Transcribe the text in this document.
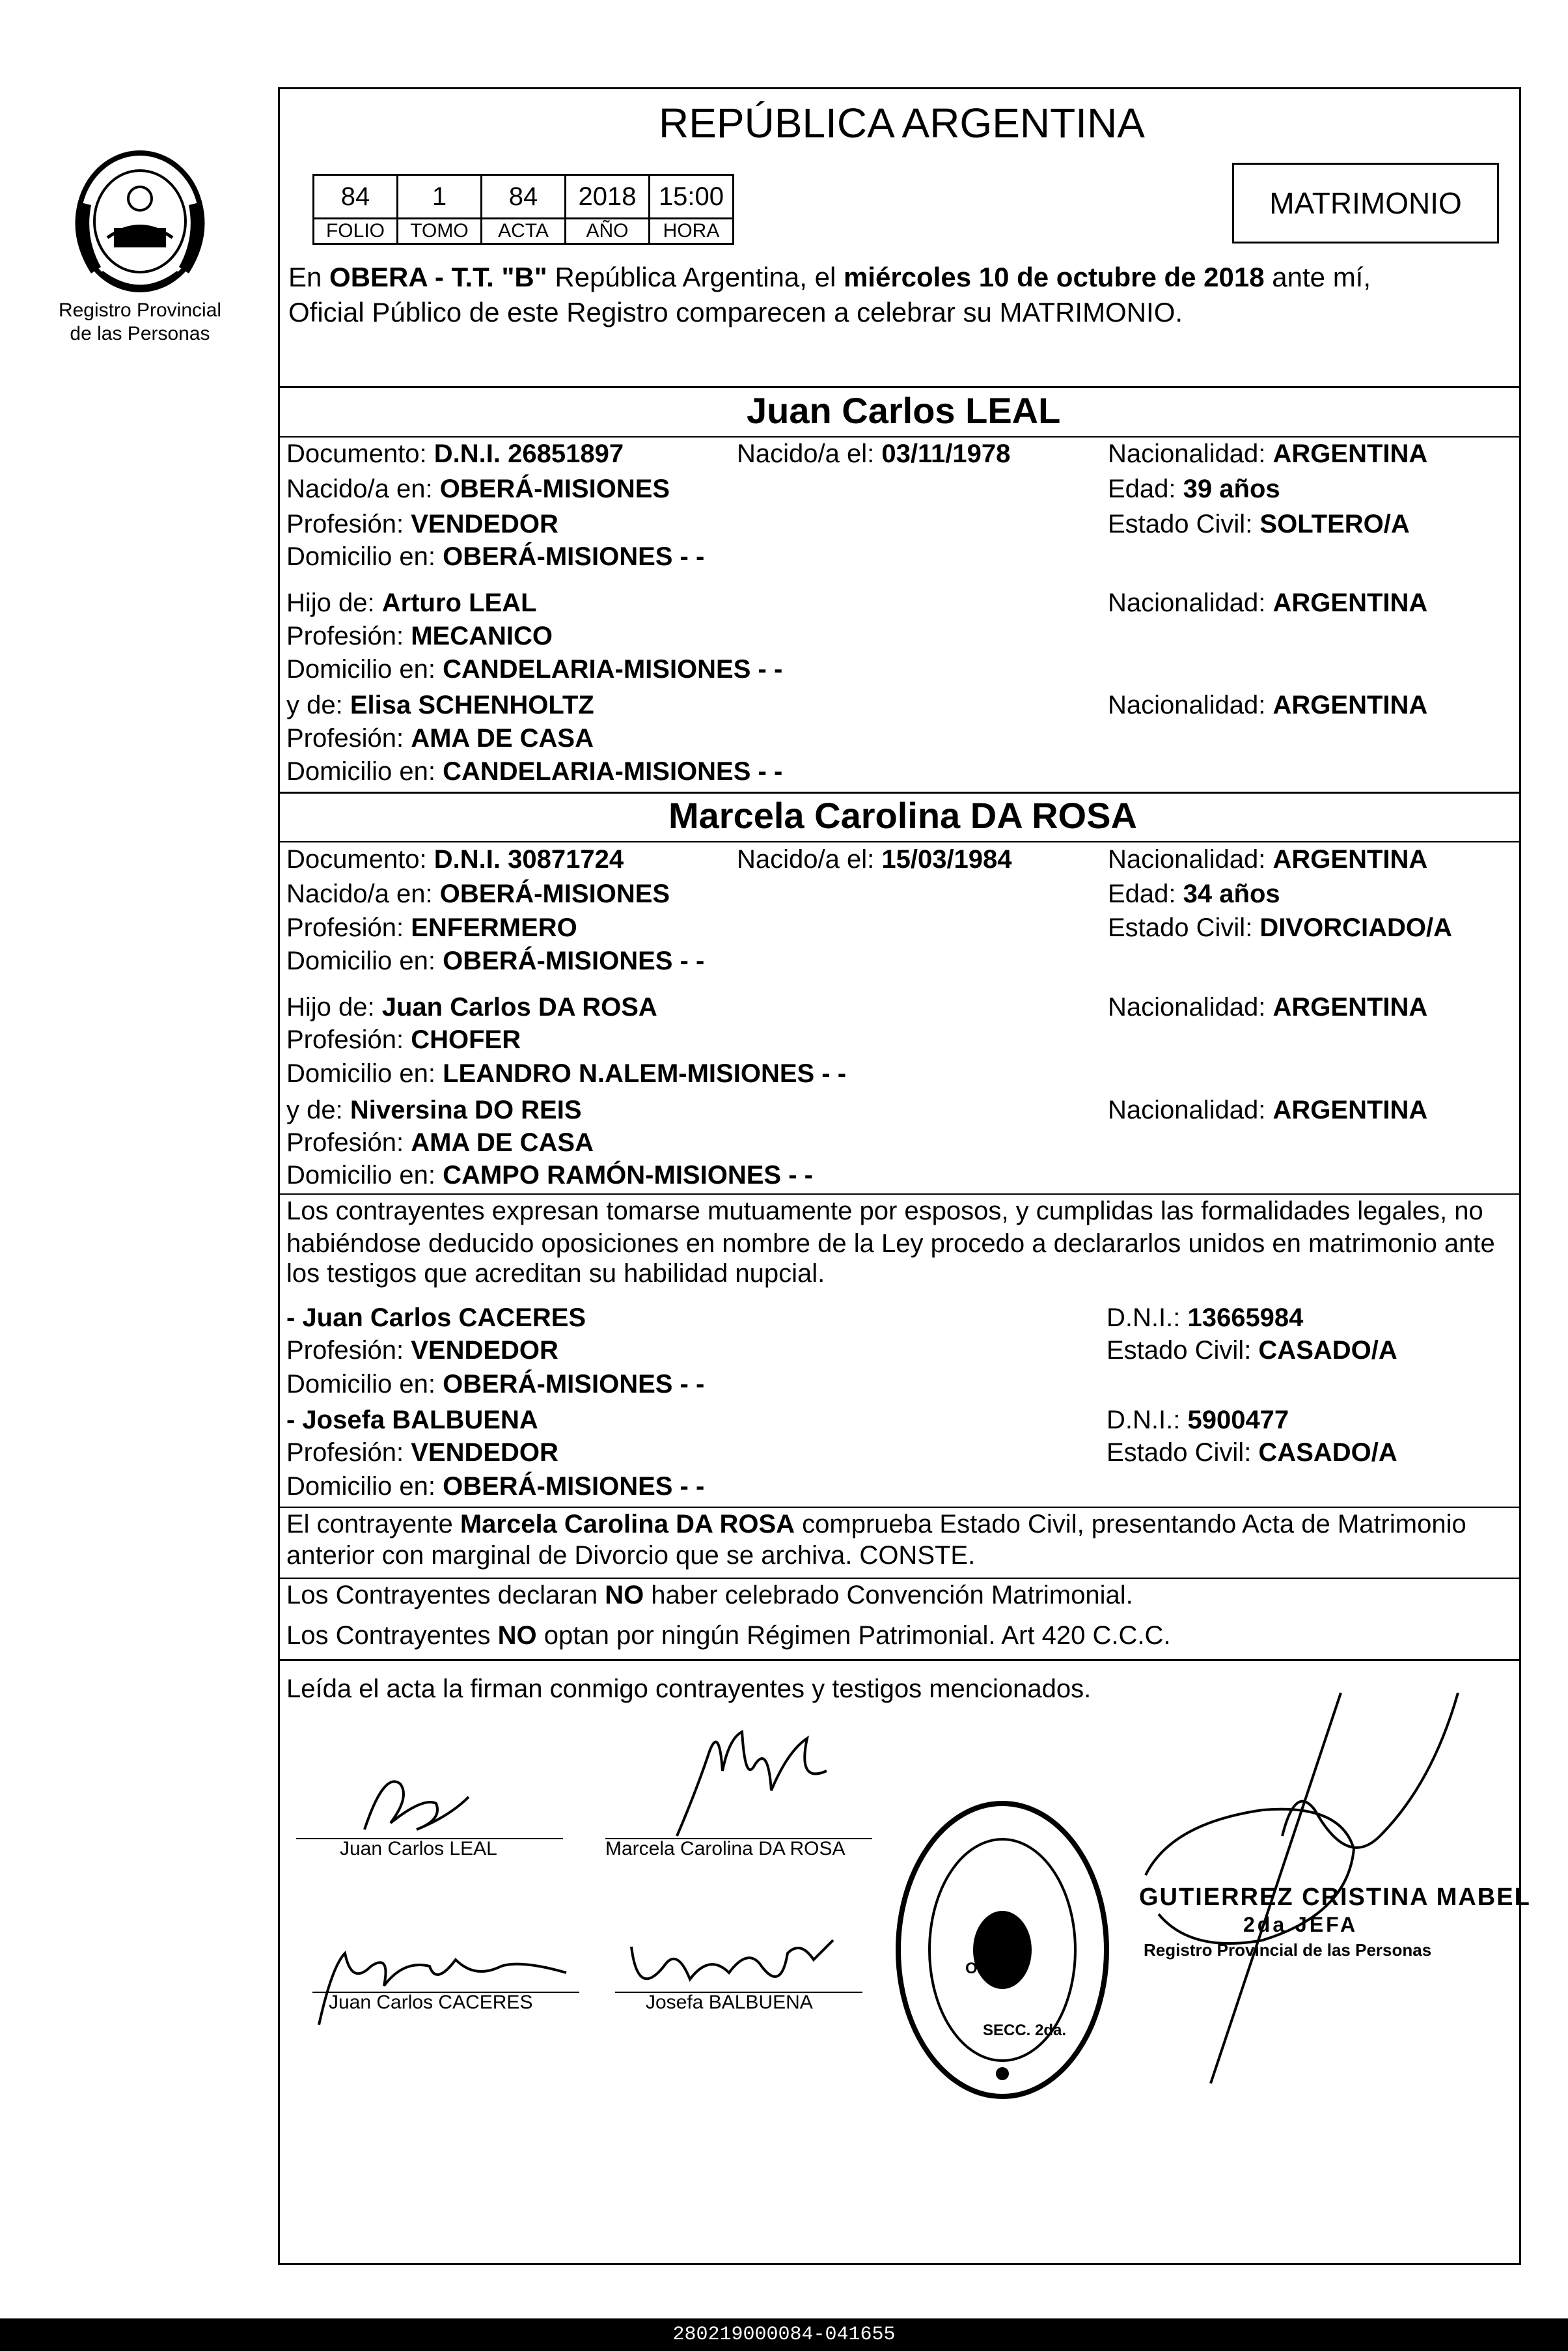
Registro Provincial
de las Personas
REPÚBLICA ARGENTINA
84	1	84	2018	15:00
FOLIO	TOMO	ACTA	AÑO	HORA
MATRIMONIO
En OBERA - T.T. "B" República Argentina, el miércoles 10 de octubre de 2018 ante mí,
Oficial Público de este Registro comparecen a celebrar su MATRIMONIO.
Juan Carlos LEAL
Documento: D.N.I. 26851897	Nacido/a el: 03/11/1978	Nacionalidad: ARGENTINA
Nacido/a en: OBERÁ-MISIONES	Edad: 39 años
Profesión: VENDEDOR	Estado Civil: SOLTERO/A
Domicilio en: OBERÁ-MISIONES - -
Hijo de: Arturo LEAL	Nacionalidad: ARGENTINA
Profesión: MECANICO
Domicilio en: CANDELARIA-MISIONES - -
y de: Elisa SCHENHOLTZ	Nacionalidad: ARGENTINA
Profesión: AMA DE CASA
Domicilio en: CANDELARIA-MISIONES - -
Marcela Carolina DA ROSA
Documento: D.N.I. 30871724	Nacido/a el: 15/03/1984	Nacionalidad: ARGENTINA
Nacido/a en: OBERÁ-MISIONES	Edad: 34 años
Profesión: ENFERMERO	Estado Civil: DIVORCIADO/A
Domicilio en: OBERÁ-MISIONES - -
Hijo de: Juan Carlos DA ROSA	Nacionalidad: ARGENTINA
Profesión: CHOFER
Domicilio en: LEANDRO N.ALEM-MISIONES - -
y de: Niversina DO REIS	Nacionalidad: ARGENTINA
Profesión: AMA DE CASA
Domicilio en: CAMPO RAMÓN-MISIONES - -
Los contrayentes expresan tomarse mutuamente por esposos, y cumplidas las formalidades legales, no
habiéndose deducido oposiciones en nombre de la Ley procedo a declararlos unidos en matrimonio ante
los testigos que acreditan su habilidad nupcial.
- Juan Carlos CACERES	D.N.I.: 13665984
Profesión: VENDEDOR	Estado Civil: CASADO/A
Domicilio en: OBERÁ-MISIONES - -
- Josefa BALBUENA	D.N.I.: 5900477
Profesión: VENDEDOR	Estado Civil: CASADO/A
Domicilio en: OBERÁ-MISIONES - -
El contrayente Marcela Carolina DA ROSA comprueba Estado Civil, presentando Acta de Matrimonio
anterior con marginal de Divorcio que se archiva. CONSTE.
Los Contrayentes declaran NO haber celebrado Convención Matrimonial.
Los Contrayentes NO optan por ningún Régimen Patrimonial. Art 420 C.C.C.
Leída el acta la firman conmigo contrayentes y testigos mencionados.
Juan Carlos LEAL	Marcela Carolina DA ROSA
Juan Carlos CACERES	Josefa BALBUENA
OBERA
SECC. 2da.
GUTIERREZ CRISTINA MABEL
2da JEFA
Registro Provincial de las Personas
280219000084-041655
